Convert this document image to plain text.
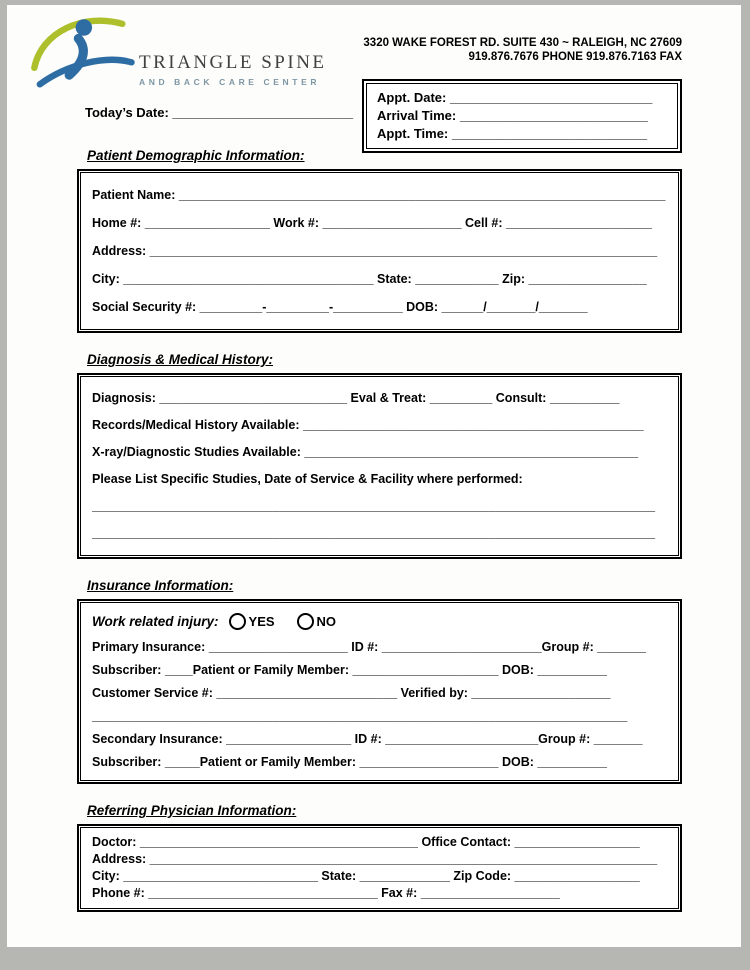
TRIANGLE SPINE
AND BACK CARE CENTER
3320 WAKE FOREST RD. SUITE 430 ~ RALEIGH, NC 27609
919.876.7676 PHONE 919.876.7163 FAX
Appt. Date: ____________________________
Arrival Time: __________________________
Appt. Time: ___________________________
Today’s Date: _________________________
Patient Demographic Information:
Patient Name: ______________________________________________________________________
Home #: __________________ Work #: ____________________ Cell #: _____________________
Address: _________________________________________________________________________
City: ____________________________________ State: ____________ Zip: _________________
Social Security #: _________-_________-__________ DOB: ______/_______/_______
Diagnosis & Medical History:
Diagnosis: ___________________________ Eval & Treat: _________ Consult: __________
Records/Medical History Available: _________________________________________________
X-ray/Diagnostic Studies Available: ________________________________________________
Please List Specific Studies, Date of Service & Facility where performed:
_________________________________________________________________________________
_________________________________________________________________________________
Insurance Information:
Work related injury: YES	NO
Primary Insurance: ____________________ ID #: _______________________Group #: _______
Subscriber: ____Patient or Family Member: _____________________ DOB: __________
Customer Service #: __________________________ Verified by: ____________________
_____________________________________________________________________________
Secondary Insurance: __________________ ID #: ______________________Group #: _______
Subscriber: _____Patient or Family Member: ____________________ DOB: __________
Referring Physician Information:
Doctor: ________________________________________ Office Contact: __________________
Address: _________________________________________________________________________
City: ____________________________ State: _____________ Zip Code: __________________
Phone #: _________________________________ Fax #: ____________________
